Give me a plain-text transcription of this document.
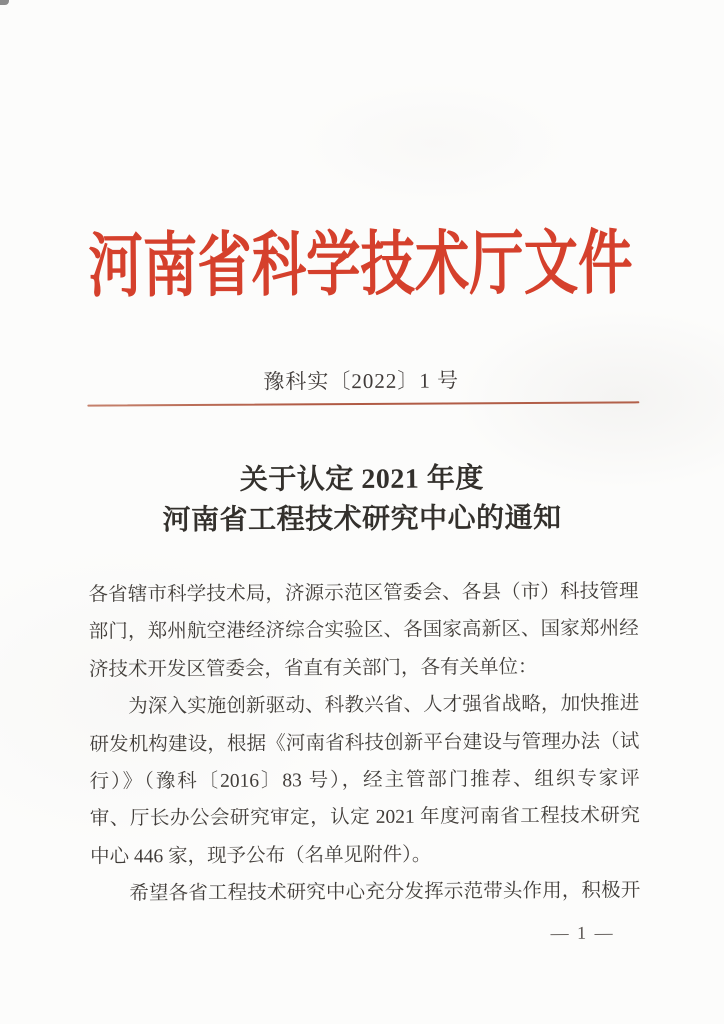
河南省科学技术厅文件
豫科实〔2022〕1 号
关于认定 2021 年度
河南省工程技术研究中心的通知
各省辖市科学技术局，济源示范区管委会、各县（市）科技管理
部门，郑州航空港经济综合实验区、各国家高新区、国家郑州经
济技术开发区管委会，省直有关部门，各有关单位：
为深入实施创新驱动、科教兴省、人才强省战略，加快推进
研发机构建设，根据《河南省科技创新平台建设与管理办法（试
行）》（豫科〔2016〕83 号），经主管部门推荐、组织专家评
审、厅长办公会研究审定，认定 2021 年度河南省工程技术研究
中心 446 家，现予公布（名单见附件）。
希望各省工程技术研究中心充分发挥示范带头作用，积极开
— 1 —
